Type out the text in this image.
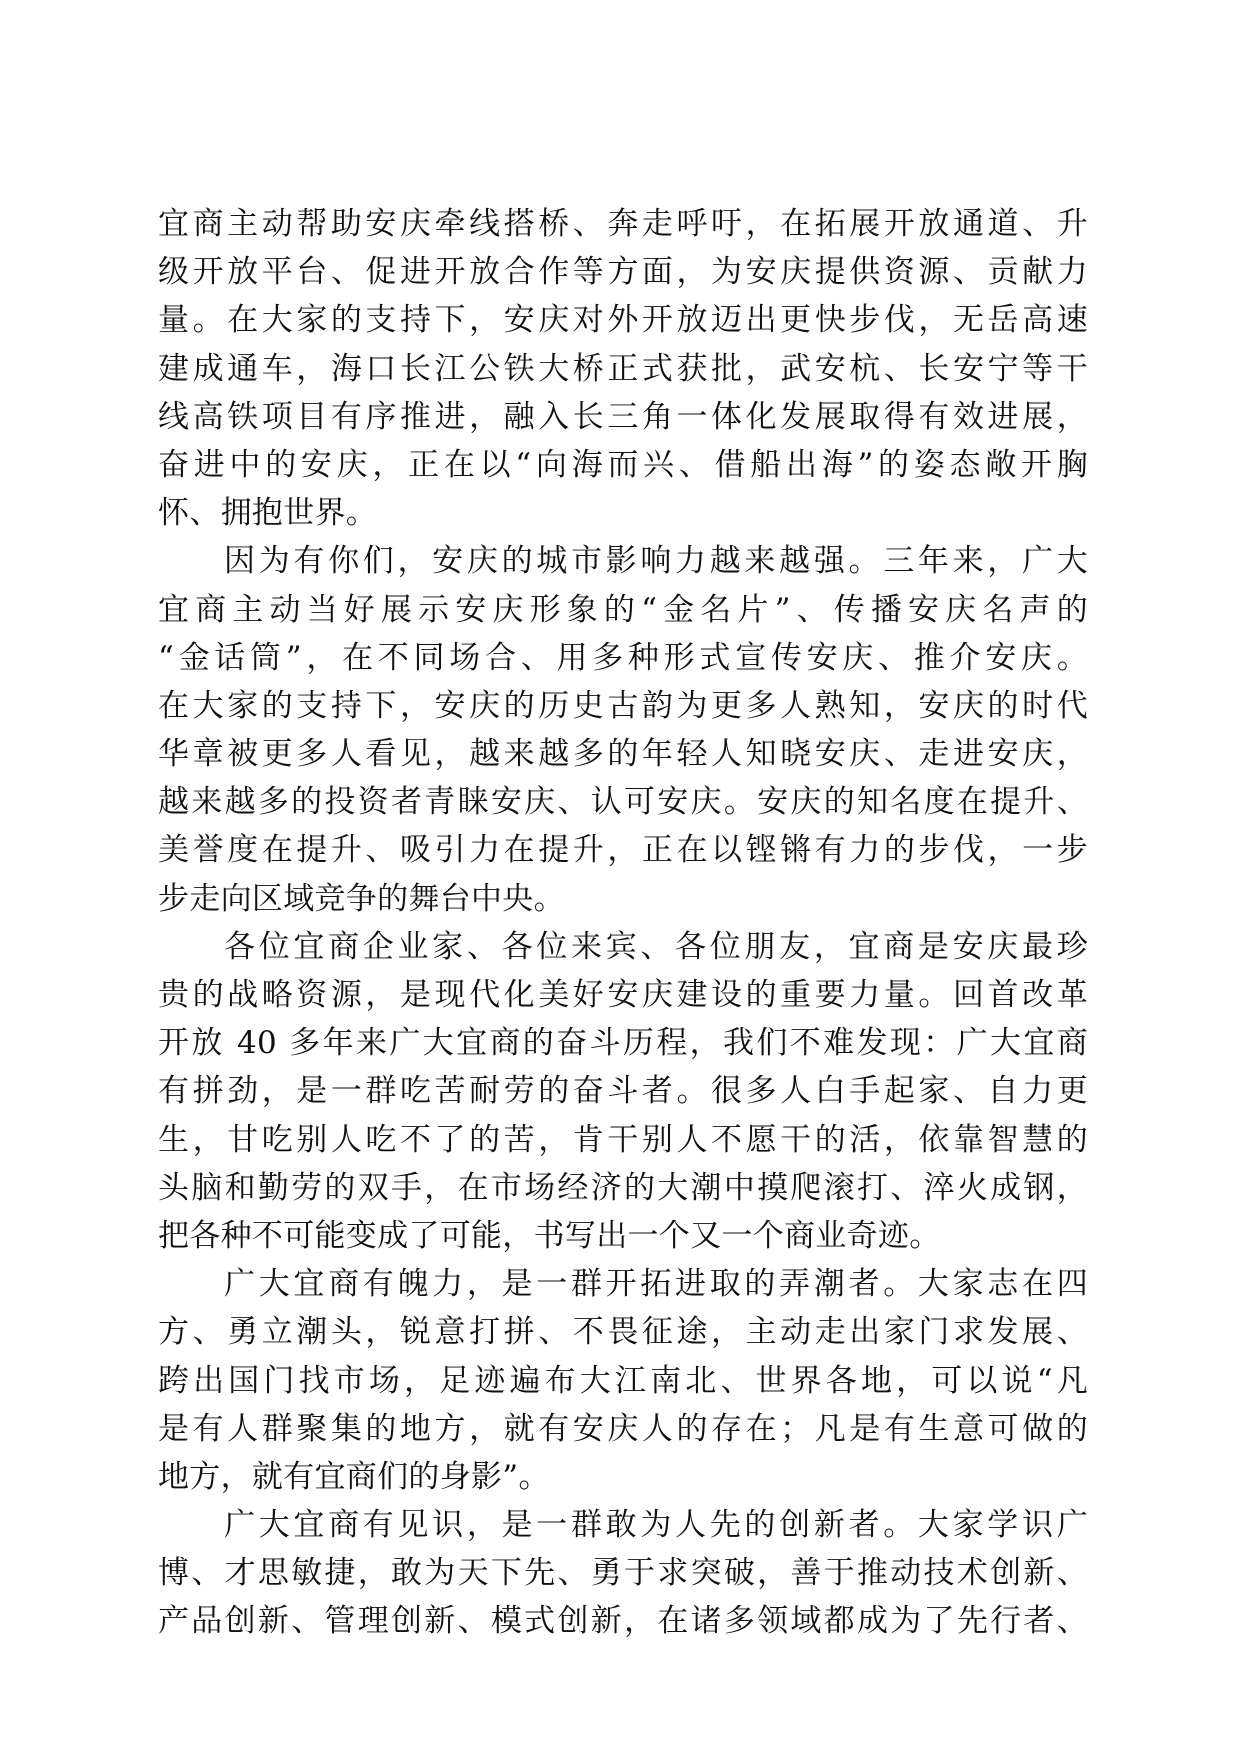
宜商主动帮助安庆牵线搭桥、奔走呼吁，在拓展开放通道、升
级开放平台、促进开放合作等方面，为安庆提供资源、贡献力
量。在大家的支持下，安庆对外开放迈出更快步伐，无岳高速
建成通车，海口长江公铁大桥正式获批，武安杭、长安宁等干
线高铁项目有序推进，融入长三角一体化发展取得有效进展，
奋进中的安庆，正在以“向海而兴、借船出海”的姿态敞开胸
怀、拥抱世界。
因为有你们，安庆的城市影响力越来越强。三年来，广大
宜商主动当好展示安庆形象的“金名片”、传播安庆名声的
“金话筒”，在不同场合、用多种形式宣传安庆、推介安庆。
在大家的支持下，安庆的历史古韵为更多人熟知，安庆的时代
华章被更多人看见，越来越多的年轻人知晓安庆、走进安庆，
越来越多的投资者青睐安庆、认可安庆。安庆的知名度在提升、
美誉度在提升、吸引力在提升，正在以铿锵有力的步伐，一步
步走向区域竞争的舞台中央。
各位宜商企业家、各位来宾、各位朋友，宜商是安庆最珍
贵的战略资源，是现代化美好安庆建设的重要力量。回首改革
开放 40 多年来广大宜商的奋斗历程，我们不难发现：广大宜商
有拼劲，是一群吃苦耐劳的奋斗者。很多人白手起家、自力更
生，甘吃别人吃不了的苦，肯干别人不愿干的活，依靠智慧的
头脑和勤劳的双手，在市场经济的大潮中摸爬滚打、淬火成钢，
把各种不可能变成了可能，书写出一个又一个商业奇迹。
广大宜商有魄力，是一群开拓进取的弄潮者。大家志在四
方、勇立潮头，锐意打拼、不畏征途，主动走出家门求发展、
跨出国门找市场，足迹遍布大江南北、世界各地，可以说“凡
是有人群聚集的地方，就有安庆人的存在；凡是有生意可做的
地方，就有宜商们的身影”。
广大宜商有见识，是一群敢为人先的创新者。大家学识广
博、才思敏捷，敢为天下先、勇于求突破，善于推动技术创新、
产品创新、管理创新、模式创新，在诸多领域都成为了先行者、
